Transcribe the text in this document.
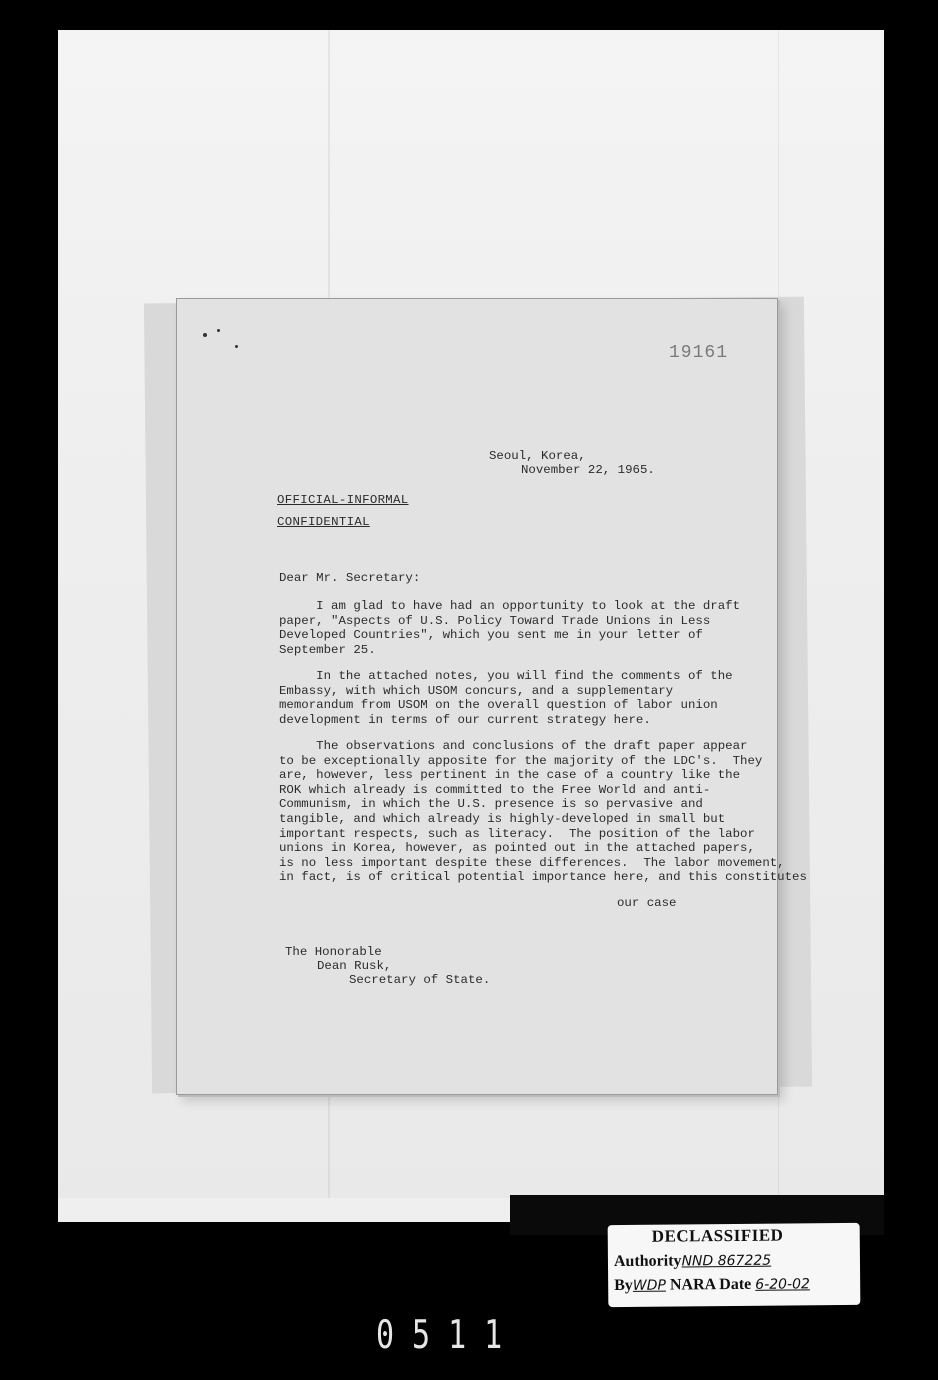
19161
Seoul, Korea,
November 22, 1965.
OFFICIAL-INFORMAL
CONFIDENTIAL
Dear Mr. Secretary:
I am glad to have had an opportunity to look at the draft
paper, "Aspects of U.S. Policy Toward Trade Unions in Less
Developed Countries", which you sent me in your letter of
September 25.
In the attached notes, you will find the comments of the
Embassy, with which USOM concurs, and a supplementary
memorandum from USOM on the overall question of labor union
development in terms of our current strategy here.
The observations and conclusions of the draft paper appear
to be exceptionally apposite for the majority of the LDC's.  They
are, however, less pertinent in the case of a country like the
ROK which already is committed to the Free World and anti-
Communism, in which the U.S. presence is so pervasive and
tangible, and which already is highly-developed in small but
important respects, such as literacy.  The position of the labor
unions in Korea, however, as pointed out in the attached papers,
is no less important despite these differences.  The labor movement,
in fact, is of critical potential importance here, and this constitutes
our case
The Honorable
Dean Rusk,
Secretary of State.
DECLASSIFIED
AuthorityNND 867225
ByWDP NARA Date 6-20-02
0511
